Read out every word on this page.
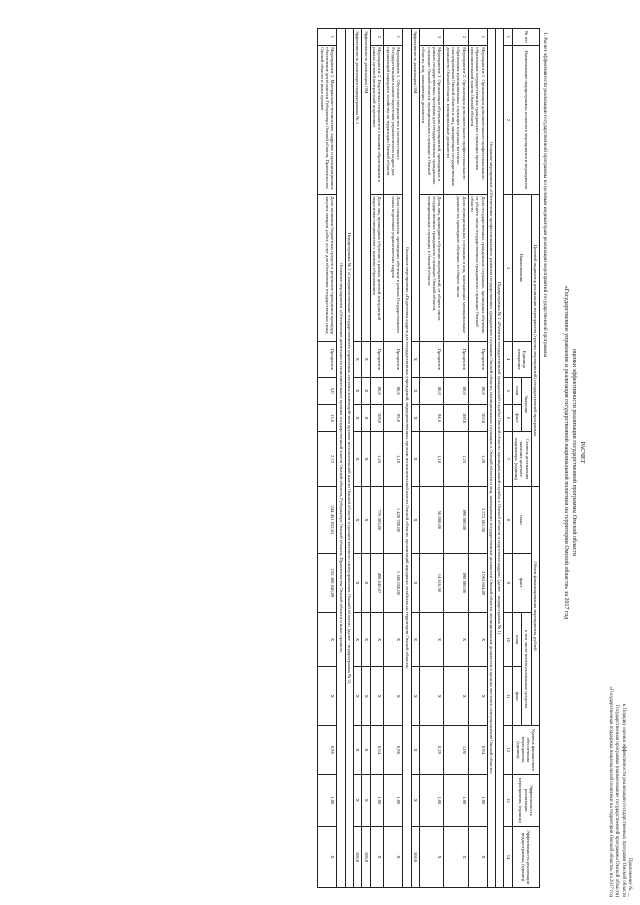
Приложение № __
к Порядку оценки эффективности реализации государственных программ Омской области
Государственная программа (наименование государственной программы Омской области)
«Государственная поддержка национальной политики на территории Омской области» на 2017 год
РАСЧЕТ
оценки эффективности реализации государственной программы Омской области
«Государственное управление и реализация государственной национальной политики на территории Омской области» за 2017 год
1. Расчет эффективности реализации государственной программы по целевым индикаторам реализации мероприятий государственной программы
№ п/п	Наименование подпрограммы, основного мероприятия и мероприятия	Целевой индикатор реализации мероприятия (группы мероприятий) государственной программы					Объем финансирования мероприятия, рублей				Уровень финансового обеспечения мероприятия, (единиц)	Эффективность реализации мероприятия, (единиц)	Эффективность реализации подпрограммы, (единиц)
		Наименование	Единица измерения	Значение		Степень достижения значения целевого индикатора, (единиц)	план	факт	в том числе неиспользованные средства				
				план	факт				план	факт			
1	2	3	4	5	6	7	8	9	10	11	12	13	14
Подпрограмма № 1 «Развитие государственной гражданской службы Омской области, муниципальной службы в Омской области и подготовка кадров» (далее - подпрограмма № 1)													
Основное мероприятие «Обеспечение профессионального развития государственных гражданских служащих Омской области, муниципальных служащих в Омской области и лиц, замещающих государственные должности Омской области, муниципальные должности в органах местного самоуправления Омской области»													
1	Мероприятие 1. Организация дополнительного профессионального образования государственных гражданских служащих органов исполнительной власти Омской области	Доля государственных гражданских служащих, прошедших обучение, от общего числа государственных гражданских служащих Омской области	Процентов	80,0	102,0	1,28	3 272 461,50	3 063 864,49	X	X	0,94	1,00	X
2	Мероприятие 2. Организация дополнительного профессионального образования муниципальных служащих в органах местного самоуправления Омской области и лиц, замещающих государственные должности Омской области, муниципальные должности	Доля муниципальных служащих и лиц, замещающих муниципальные должности, прошедших обучение, от общего числа	Процентов	80,0	100,0	1,25	898 800,00	898 800,00	X	X	1,00	1,00	X
3	Мероприятие 3. Организация обучения мероприятий, проводимых в рамках государственных программ для государственных гражданских служащих Омской области, муниципальных служащих в Омской области, лиц, замещающих должности	Доля лиц, прошедших обучение мероприятий, от общего числа государственных гражданских служащих Омской области, муниципальных служащих в Омской области	Процентов	80,0	94,6	1,18	50 000,00	14 616,50	X	X	0,29	1,00	X
Эффективность реализации ОМ			X	X	X	X	X	X	X	X	X	X	100,0
Основное мероприятие «Подготовка кадров для государственных учреждений, подведомственных органам исполнительной власти Омской области, организаций народного хозяйства на территории Омской области»													
1	Мероприятие 1. Обучение специалистов в соответствии с Государственным планом подготовки управленческих кадров для организаций народного хозяйства на территории Омской области	Доля специалистов, прошедших обучение в рамках Государственного плана подготовки управленческих кадров	Процентов	80,0	95,0	1,19	1 420 700,00	1 386 050,00	X	X	0,98	1,00	X
2	Мероприятие 2. Подготовка специалистов с высшим образованием в рамках целевой контрактной подготовки	Доля лиц, прошедших обучение в рамках целевой контрактной подготовки специалистов с высшим образованием	Процентов	80,0	100,0	1,25	776 565,00	498 646,67	X	X	0,64	1,00	X
Эффективность реализации ОМ			X	X	X	X	X	X	X	X	X	X	100,0
Эффективность реализации подпрограммы № 1			X	X	X	X	X	X	X	X	X	X	100,0
Подпрограмма № 2 «Совершенствование государственного управления, системы взаимодействия органов исполнительной власти Омской области и органов местного самоуправления Омской области» (далее - подпрограмма № 2)													
Основное мероприятие «Обеспечение деятельности исполнительных органов государственной власти Омской области, Губернатора Омской области, Правительства Омской области и иных органов»													
1	Мероприятие 1. Материально-техническое, кадровое и организационное обеспечение деятельности Губернатора Омской области, Правительства Омской области и иных органов	Доля экономии бюджетных средств в результате проведения процедур закупок товаров, работ, услуг для обеспечения государственных нужд	Процентов	5,0	13,6	2,72	244 451 822,81	235 308 848,89	X	X	0,96	1,00	X
